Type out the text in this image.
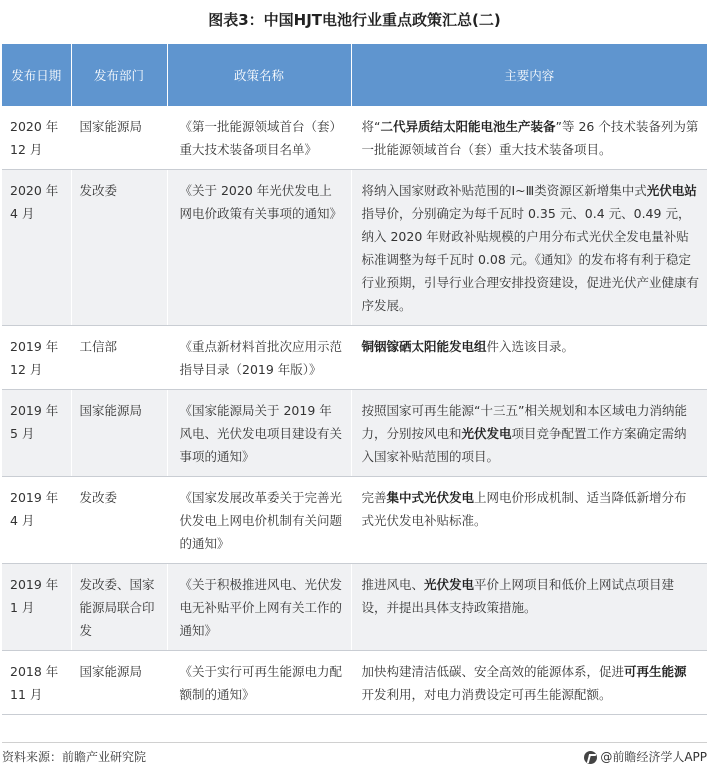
图表3：中国HJT电池行业重点政策汇总(二)
发布日期	发布部门	政策名称	主要内容
2020 年 12 月	国家能源局	《第一批能源领域首台（套）重大技术装备项目名单》	将“二代异质结太阳能电池生产装备”等 26 个技术装备列为第一批能源领域首台（套）重大技术装备项目。
2020 年 4 月	发改委	《关于 2020 年光伏发电上网电价政策有关事项的通知》	将纳入国家财政补贴范围的Ⅰ~Ⅲ类资源区新增集中式光伏电站指导价，分别确定为每千瓦时 0.35 元、0.4 元、0.49 元，纳入 2020 年财政补贴规模的户用分布式光伏全发电量补贴标准调整为每千瓦时 0.08 元。《通知》的发布将有利于稳定行业预期，引导行业合理安排投资建设，促进光伏产业健康有序发展。
2019 年 12 月	工信部	《重点新材料首批次应用示范指导目录（2019 年版）》	铜铟镓硒太阳能发电组件入选该目录。
2019 年 5 月	国家能源局	《国家能源局关于 2019 年风电、光伏发电项目建设有关事项的通知》	按照国家可再生能源“十三五”相关规划和本区域电力消纳能力，分别按风电和光伏发电项目竞争配置工作方案确定需纳入国家补贴范围的项目。
2019 年 4 月	发改委	《国家发展改革委关于完善光伏发电上网电价机制有关问题的通知》	完善集中式光伏发电上网电价形成机制、适当降低新增分布式光伏发电补贴标准。
2019 年 1 月	发改委、国家能源局联合印发	《关于积极推进风电、光伏发电无补贴平价上网有关工作的通知》	推进风电、光伏发电平价上网项目和低价上网试点项目建设，并提出具体支持政策措施。
2018 年 11 月	国家能源局	《关于实行可再生能源电力配额制的通知》	加快构建清洁低碳、安全高效的能源体系，促进可再生能源开发利用，对电力消费设定可再生能源配额。
资料来源：前瞻产业研究院	@前瞻经济学人APP
